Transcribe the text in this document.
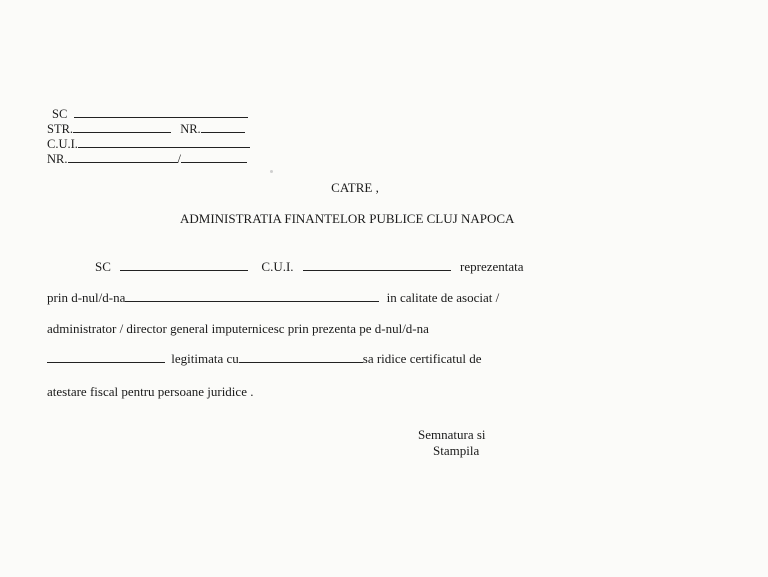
SC
STR.	NR.
C.U.I.
NR.	/
CATRE ,
ADMINISTRATIA FINANTELOR PUBLICE CLUJ NAPOCA
SC	C.U.I.	reprezentata
prin d-nul/d-na	in calitate de asociat /
administrator / director general imputernicesc prin prezenta pe d-nul/d-na
legitimata cu	sa ridice certificatul de
atestare fiscal pentru persoane juridice .
Semnatura si
Stampila
